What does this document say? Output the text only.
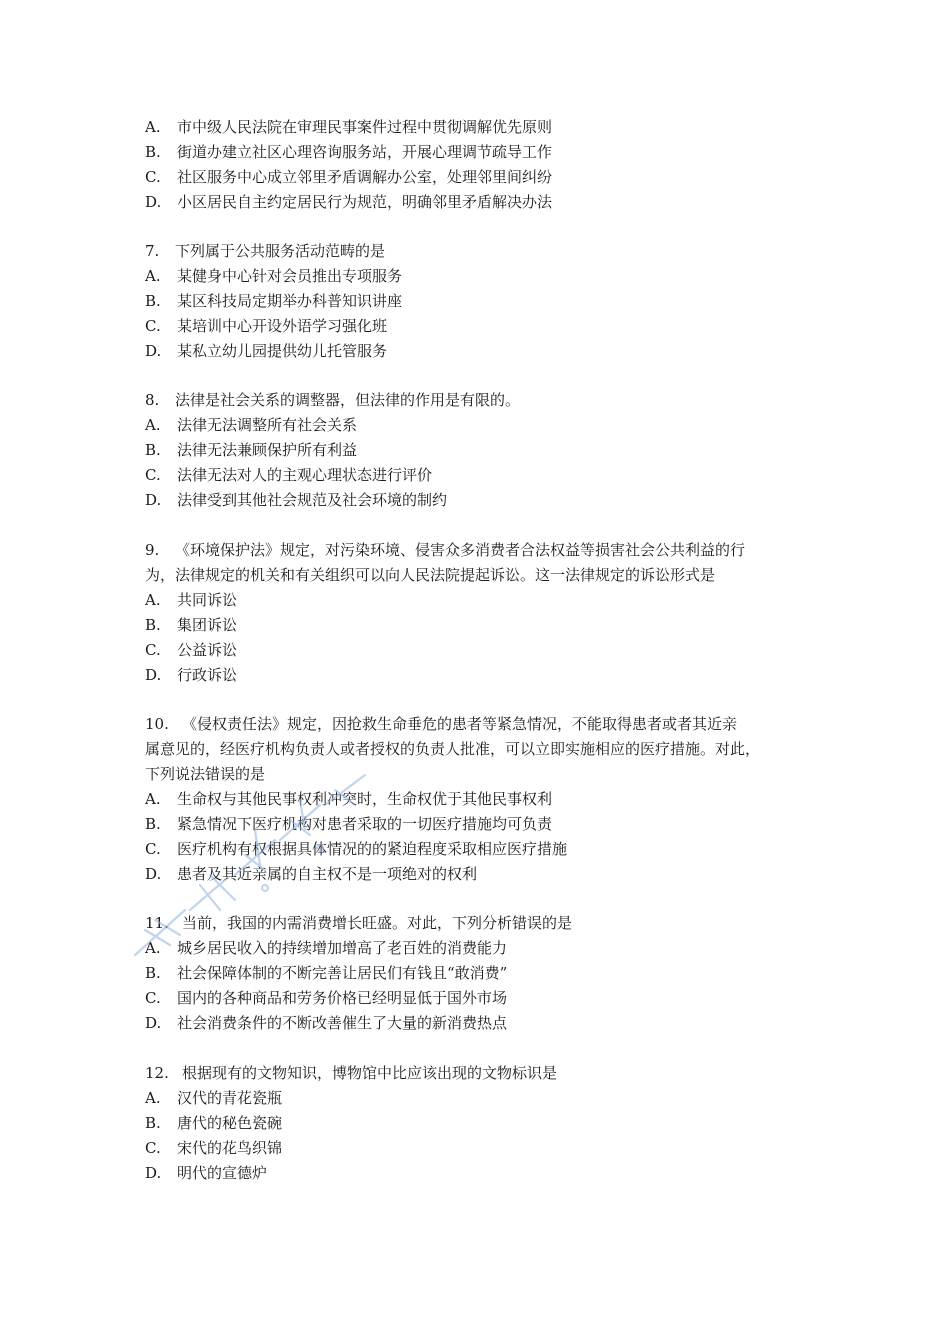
A. 市中级人民法院在审理民事案件过程中贯彻调解优先原则
B. 街道办建立社区心理咨询服务站，开展心理调节疏导工作
C. 社区服务中心成立邻里矛盾调解办公室，处理邻里间纠纷
D. 小区居民自主约定居民行为规范，明确邻里矛盾解决办法
7. 下列属于公共服务活动范畴的是
A. 某健身中心针对会员推出专项服务
B. 某区科技局定期举办科普知识讲座
C. 某培训中心开设外语学习强化班
D. 某私立幼儿园提供幼儿托管服务
8. 法律是社会关系的调整器，但法律的作用是有限的。
A. 法律无法调整所有社会关系
B. 法律无法兼顾保护所有利益
C. 法律无法对人的主观心理状态进行评价
D. 法律受到其他社会规范及社会环境的制约
9. 《环境保护法》规定，对污染环境、侵害众多消费者合法权益等损害社会公共利益的行
为，法律规定的机关和有关组织可以向人民法院提起诉讼。这一法律规定的诉讼形式是
A. 共同诉讼
B. 集团诉讼
C. 公益诉讼
D. 行政诉讼
10. 《侵权责任法》规定，因抢救生命垂危的患者等紧急情况，不能取得患者或者其近亲
属意见的，经医疗机构负责人或者授权的负责人批准，可以立即实施相应的医疗措施。对此，
下列说法错误的是
A. 生命权与其他民事权利冲突时，生命权优于其他民事权利
B. 紧急情况下医疗机构对患者采取的一切医疗措施均可负责
C. 医疗机构有权根据具体情况的的紧迫程度采取相应医疗措施
D. 患者及其近亲属的自主权不是一项绝对的权利
11. 当前，我国的内需消费增长旺盛。对此，下列分析错误的是
A. 城乡居民收入的持续增加增高了老百姓的消费能力
B. 社会保障体制的不断完善让居民们有钱且“敢消费”
C. 国内的各种商品和劳务价格已经明显低于国外市场
D. 社会消费条件的不断改善催生了大量的新消费热点
12. 根据现有的文物知识，博物馆中比应该出现的文物标识是
A. 汉代的青花瓷瓶
B. 唐代的秘色瓷碗
C. 宋代的花鸟织锦
D. 明代的宣德炉
